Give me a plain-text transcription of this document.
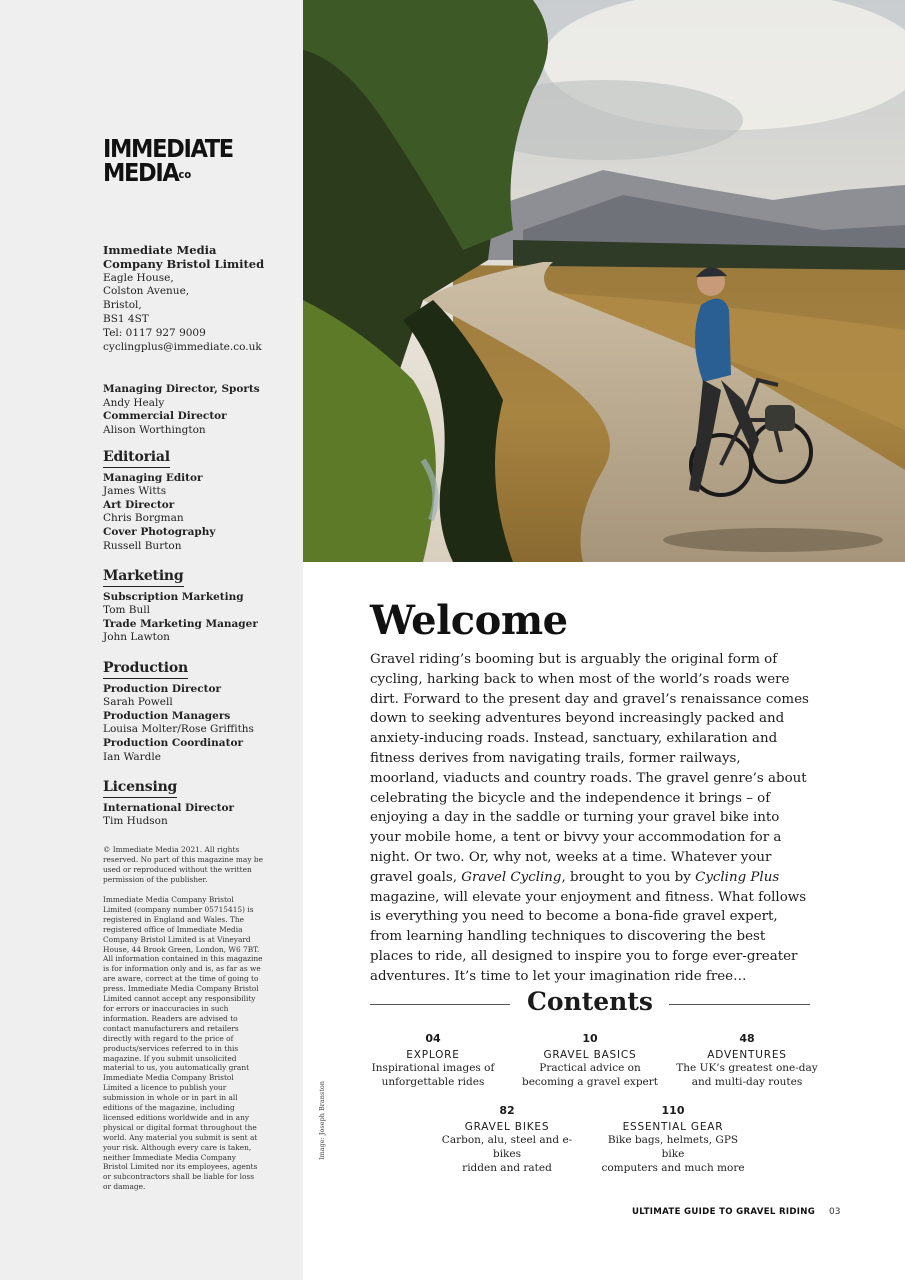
IMMEDIATE
$MEDIA^{co}$
Immediate Media
Company Bristol Limited
Eagle House,
Colston Avenue,
Bristol,
BS1 4ST
Tel: 0117 927 9009
cyclingplus@immediate.co.uk
Managing Director, Sports
Andy Healy
Commercial Director
Alison Worthington
Editorial
Managing Editor
James Witts
Art Director
Chris Borgman
Cover Photography
Russell Burton
Marketing
Subscription Marketing
Tom Bull
Trade Marketing Manager
John Lawton
Production
Production Director
Sarah Powell
Production Managers
Louisa Molter/Rose Griffiths
Production Coordinator
Ian Wardle
Licensing
International Director
Tim Hudson
© Immediate Media 2021. All rights reserved. No part of this magazine may be used or reproduced without the written permission of the publisher.
Immediate Media Company Bristol Limited (company number 05715415) is registered in England and Wales. The registered office of Immediate Media Company Bristol Limited is at Vineyard House, 44 Brook Green, London, W6 7BT. All information contained in this magazine is for information only and is, as far as we are aware, correct at the time of going to press. Immediate Media Company Bristol Limited cannot accept any responsibility for errors or inaccuracies in such information. Readers are advised to contact manufacturers and retailers directly with regard to the price of products/services referred to in this magazine. If you submit unsolicited material to us, you automatically grant Immediate Media Company Bristol Limited a licence to publish your submission in whole or in part in all editions of the magazine, including licensed editions worldwide and in any physical or digital format throughout the world. Any material you submit is sent at your risk. Although every care is taken, neither Immediate Media Company Bristol Limited nor its employees, agents or subcontractors shall be liable for loss or damage.
Image: Joseph Branston
Welcome
Gravel riding’s booming but is arguably the original form of cycling, harking back to when most of the world’s roads were dirt. Forward to the present day and gravel’s renaissance comes down to seeking adventures beyond increasingly packed and anxiety-inducing roads. Instead, sanctuary, exhilaration and fitness derives from navigating trails, former railways, moorland, viaducts and country roads. The gravel genre’s about celebrating the bicycle and the independence it brings – of enjoying a day in the saddle or turning your gravel bike into your mobile home, a tent or bivvy your accommodation for a night. Or two. Or, why not, weeks at a time. Whatever your gravel goals, Gravel Cycling, brought to you by Cycling Plus magazine, will elevate your enjoyment and fitness. What follows is everything you need to become a bona-fide gravel expert, from learning handling techniques to discovering the best places to ride, all designed to inspire you to forge ever-greater adventures. It’s time to let your imagination ride free…
Contents
04
EXPLORE
Inspirational images of
unforgettable rides
10
GRAVEL BASICS
Practical advice on
becoming a gravel expert
48
ADVENTURES
The UK’s greatest one-day
and multi-day routes
82
GRAVEL BIKES
Carbon, alu, steel and e-bikes
ridden and rated
110
ESSENTIAL GEAR
Bike bags, helmets, GPS bike
computers and much more
ULTIMATE GUIDE TO GRAVEL RIDING 03
